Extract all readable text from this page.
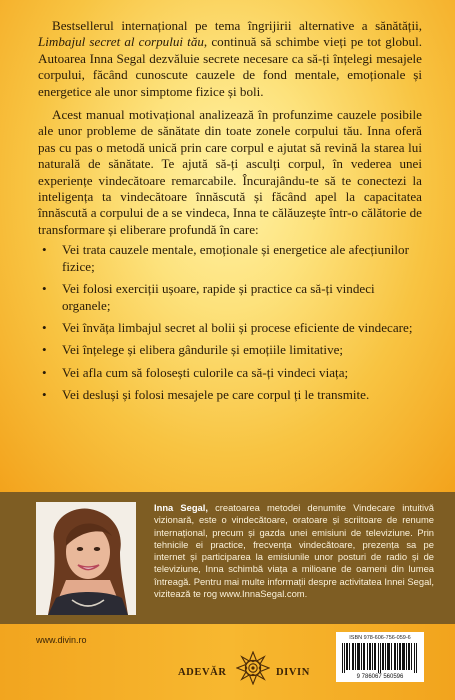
Bestsellerul internațional pe tema îngrijirii alternative a sănătății, Limbajul secret al corpului tău, continuă să schimbe vieți pe tot globul. Autoarea Inna Segal dezvăluie secrete necesare ca să-ți înțelegi mesajele corpului, făcând cunoscute cauzele de fond mentale, emoționale și energetice ale unor simptome fizice și boli.

Acest manual motivațional analizează în profunzime cauzele posibile ale unor probleme de sănătate din toate zonele corpului tău. Inna oferă pas cu pas o metodă unică prin care corpul e ajutat să revină la starea lui naturală de sănătate. Te ajută să-ți asculți corpul, în vederea unei experiențe vindecătoare remarcabile. Încurajându-te să te conectezi la inteligența ta vindecătoare înnăscută și făcând apel la capacitatea înnăscută a corpului de a se vindeca, Inna te călăuzește într-o călătorie de transformare și eliberare profundă în care:

• Vei trata cauzele mentale, emoționale și energetice ale afecțiunilor fizice;
• Vei folosi exerciții ușoare, rapide și practice ca să-ți vindeci organele;
• Vei învăța limbajul secret al bolii și procese eficiente de vindecare;
• Vei înțelege și elibera gândurile și emoțiile limitative;
• Vei afla cum să folosești culorile ca să-ți vindeci viața;
• Vei desluși și folosi mesajele pe care corpul ți le transmite.
Inna Segal, creatoarea metodei denumite Vindecare intuitivă vizionară, este o vindecătoare, oratoare și scriitoare de renume internațional, precum și gazda unei emisiuni de televiziune. Prin tehnicile ei practice, frecvența vindecătoare, prezența sa pe internet și participarea la emisiunile unor posturi de radio și de televiziune, Inna schimbă viața a milioane de oameni din lumea întreagă. Pentru mai multe informații despre activitatea Innei Segal, vizitează te rog www.InnaSegal.com.
www.divin.ro
ADEVĂR	DIVIN
ISBN 978-606-756-059-6
9 786067 560596
